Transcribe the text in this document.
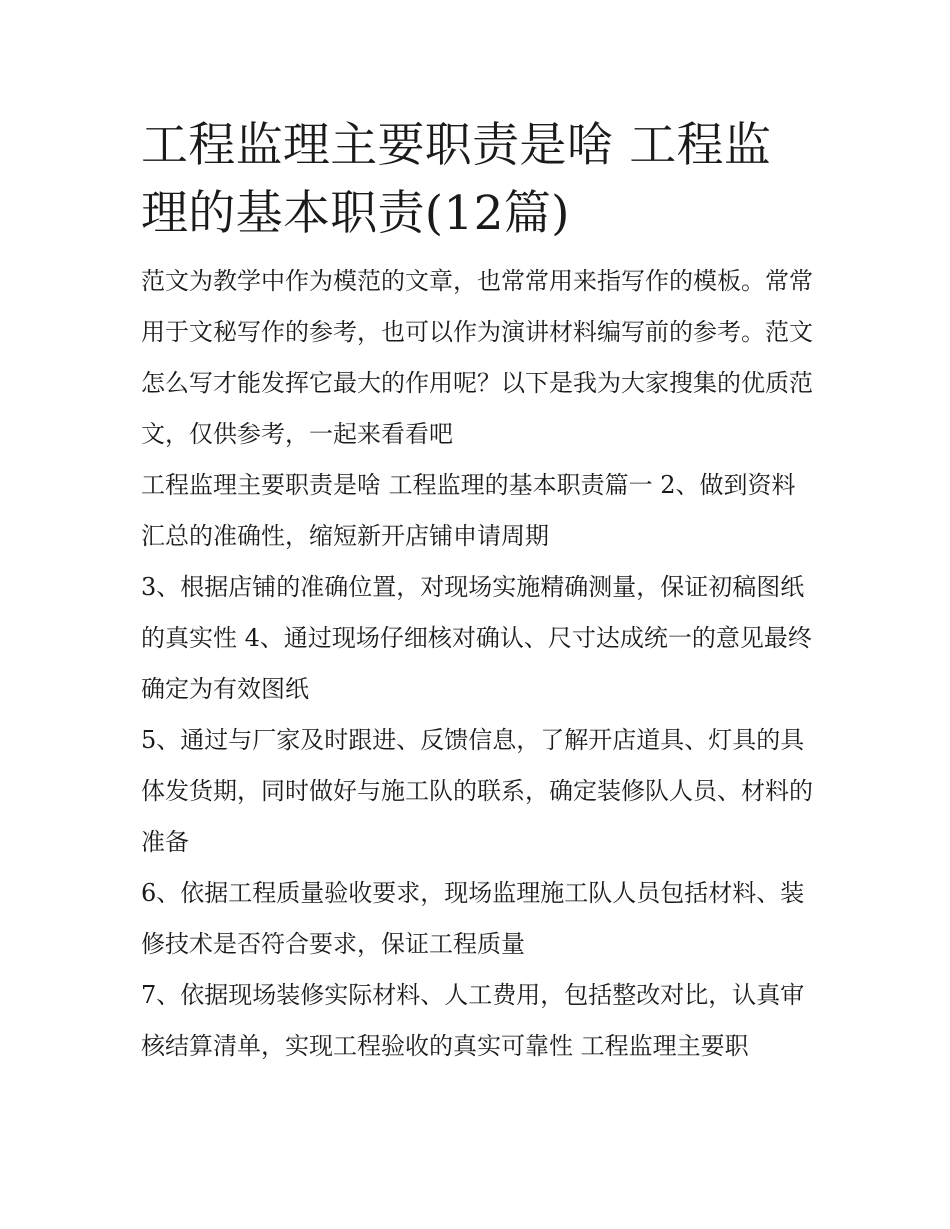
工程监理主要职责是啥 工程监理的基本职责(12篇)

范文为教学中作为模范的文章，也常常用来指写作的模板。常常用于文秘写作的参考，也可以作为演讲材料编写前的参考。范文怎么写才能发挥它最大的作用呢？以下是我为大家搜集的优质范文，仅供参考，一起来看看吧

工程监理主要职责是啥 工程监理的基本职责篇一 2、做到资料汇总的准确性，缩短新开店铺申请周期

3、根据店铺的准确位置，对现场实施精确测量，保证初稿图纸的真实性 4、通过现场仔细核对确认、尺寸达成统一的意见最终确定为有效图纸

5、通过与厂家及时跟进、反馈信息，了解开店道具、灯具的具体发货期，同时做好与施工队的联系，确定装修队人员、材料的准备

6、依据工程质量验收要求，现场监理施工队人员包括材料、装修技术是否符合要求，保证工程质量

7、依据现场装修实际材料、人工费用，包括整改对比，认真审核结算清单，实现工程验收的真实可靠性 工程监理主要职
